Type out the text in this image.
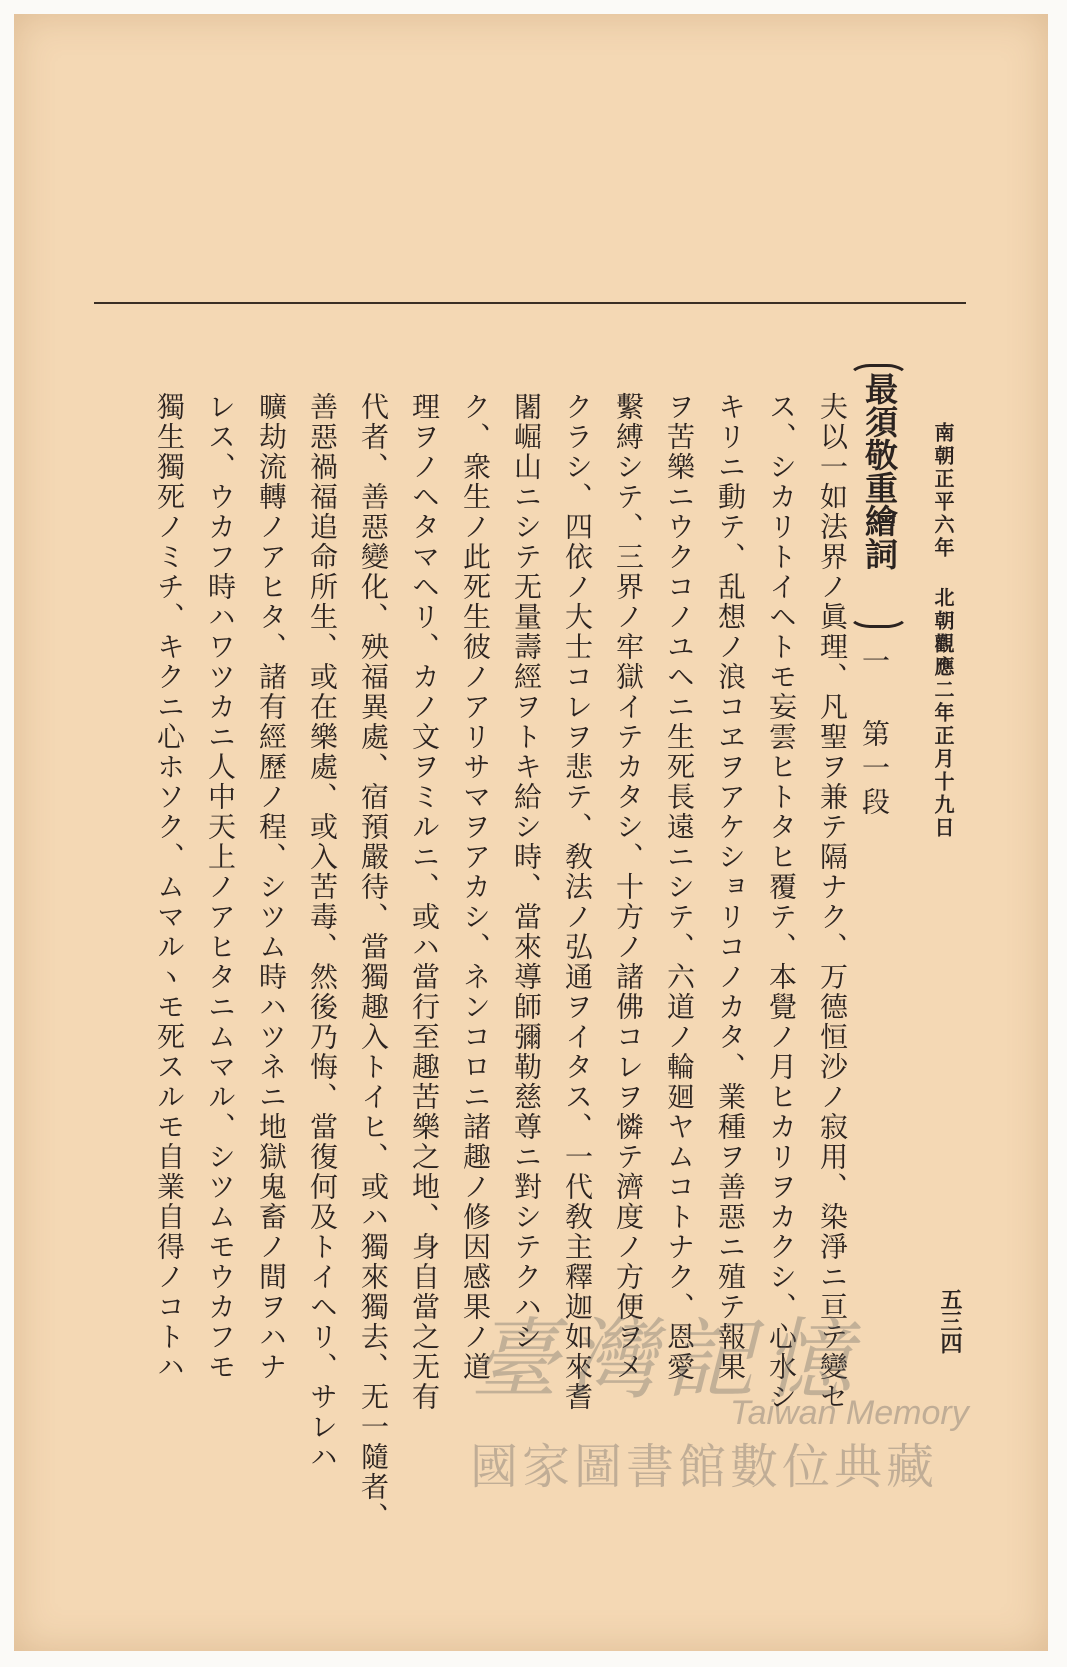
南朝正平六年 北朝觀應二年正月十九日
最須敬重繪詞
一 第一段
夫以一如法界ノ眞理、凡聖ヲ兼テ隔ナク、万德恒沙ノ寂用、染淨ニ亘テ變セ
ス、シカリトイヘトモ妄雲ヒトタヒ覆テ、本覺ノ月ヒカリヲカクシ、心水シ
キリニ動テ、乱想ノ浪コヱヲアケショリコノカタ、業種ヲ善惡ニ殖テ報果
ヲ苦樂ニウクコノユヘニ生死長遠ニシテ、六道ノ輪廻ヤムコトナク、恩愛
繫縛シテ、三界ノ牢獄イテカタシ、十方ノ諸佛コレヲ憐テ濟度ノ方便ヲメ
クラシ、四依ノ大士コレヲ悲テ、敎法ノ弘通ヲイタス、一代敎主釋迦如來耆
闍崛山ニシテ无量壽經ヲトキ給シ時、當來導師彌勒慈尊ニ對シテクハシ
ク、衆生ノ此死生彼ノアリサマヲアカシ、ネンコロニ諸趣ノ修因感果ノ道
理ヲノヘタマヘリ、カノ文ヲミルニ、或ハ當行至趣苦樂之地、身自當之无有
代者、善惡變化、殃福異處、宿預嚴待、當獨趣入トイヒ、或ハ獨來獨去、无一隨者、
善惡禍福追命所生、或在樂處、或入苦毒、然後乃悔、當復何及トイヘリ、サレハ
曠劫流轉ノアヒタ、諸有經歷ノ程、シツム時ハツネニ地獄鬼畜ノ間ヲハナ
レス、ウカフ時ハワツカニ人中天上ノアヒタニムマル、シツムモウカフモ
獨生獨死ノミチ、キクニ心ホソク、ムマルヽモ死スルモ自業自得ノコトハ	五三四
臺灣記憶
Taiwan Memory
國家圖書館數位典藏
